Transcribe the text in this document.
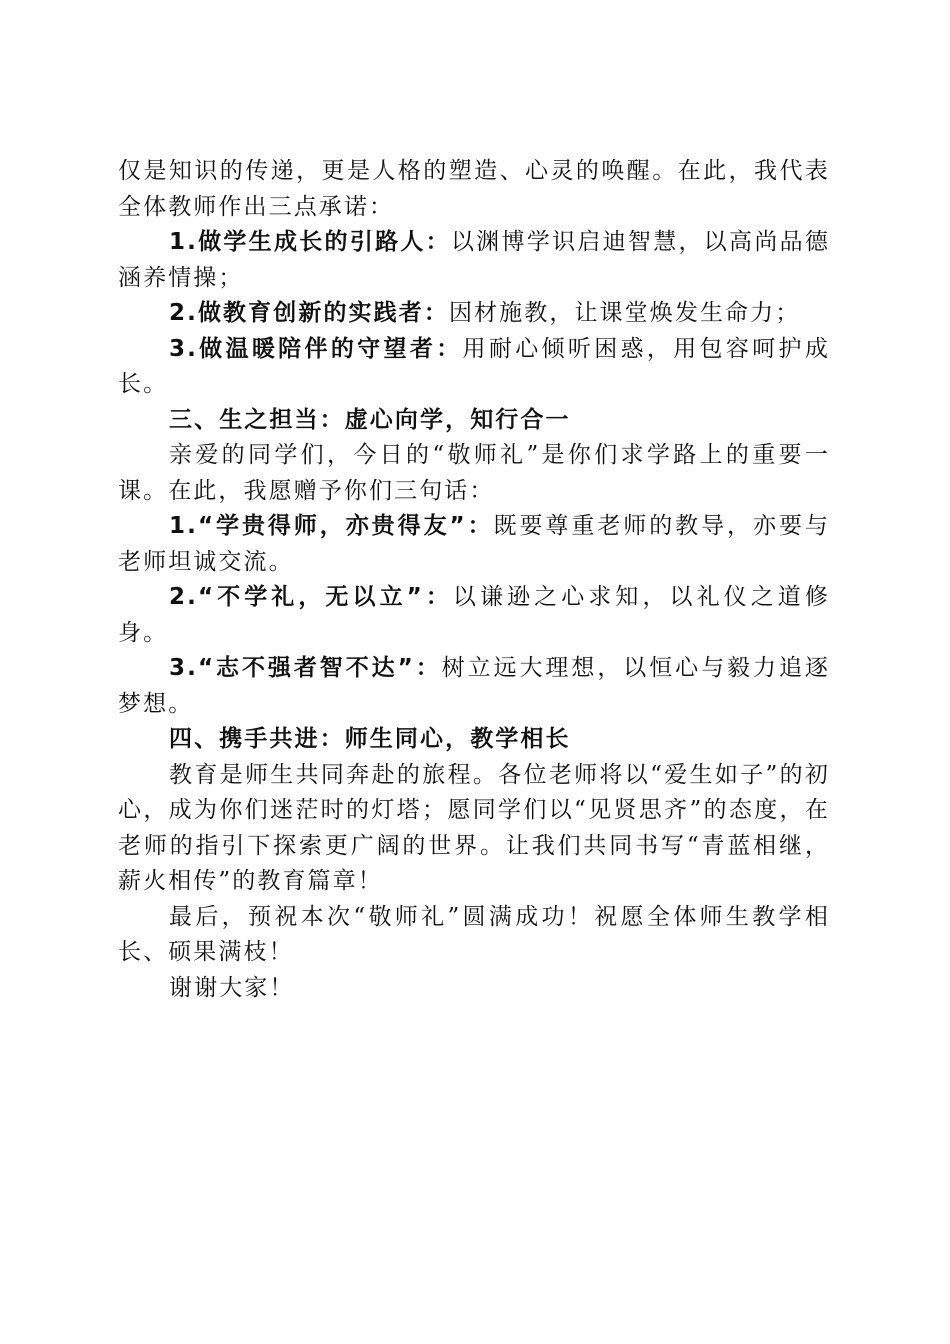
仅是知识的传递，更是人格的塑造、心灵的唤醒。在此，我代表全体教师作出三点承诺：

1.做学生成长的引路人：以渊博学识启迪智慧，以高尚品德涵养情操；

2.做教育创新的实践者：因材施教，让课堂焕发生命力；

3.做温暖陪伴的守望者：用耐心倾听困惑，用包容呵护成长。

三、生之担当：虚心向学，知行合一

亲爱的同学们，今日的“敬师礼”是你们求学路上的重要一课。在此，我愿赠予你们三句话：

1.“学贵得师，亦贵得友”：既要尊重老师的教导，亦要与老师坦诚交流。

2.“不学礼，无以立”：以谦逊之心求知，以礼仪之道修身。

3.“志不强者智不达”：树立远大理想，以恒心与毅力追逐梦想。

四、携手共进：师生同心，教学相长

教育是师生共同奔赴的旅程。各位老师将以“爱生如子”的初心，成为你们迷茫时的灯塔；愿同学们以“见贤思齐”的态度，在老师的指引下探索更广阔的世界。让我们共同书写“青蓝相继，薪火相传”的教育篇章！

最后，预祝本次“敬师礼”圆满成功！祝愿全体师生教学相长、硕果满枝！

谢谢大家！
